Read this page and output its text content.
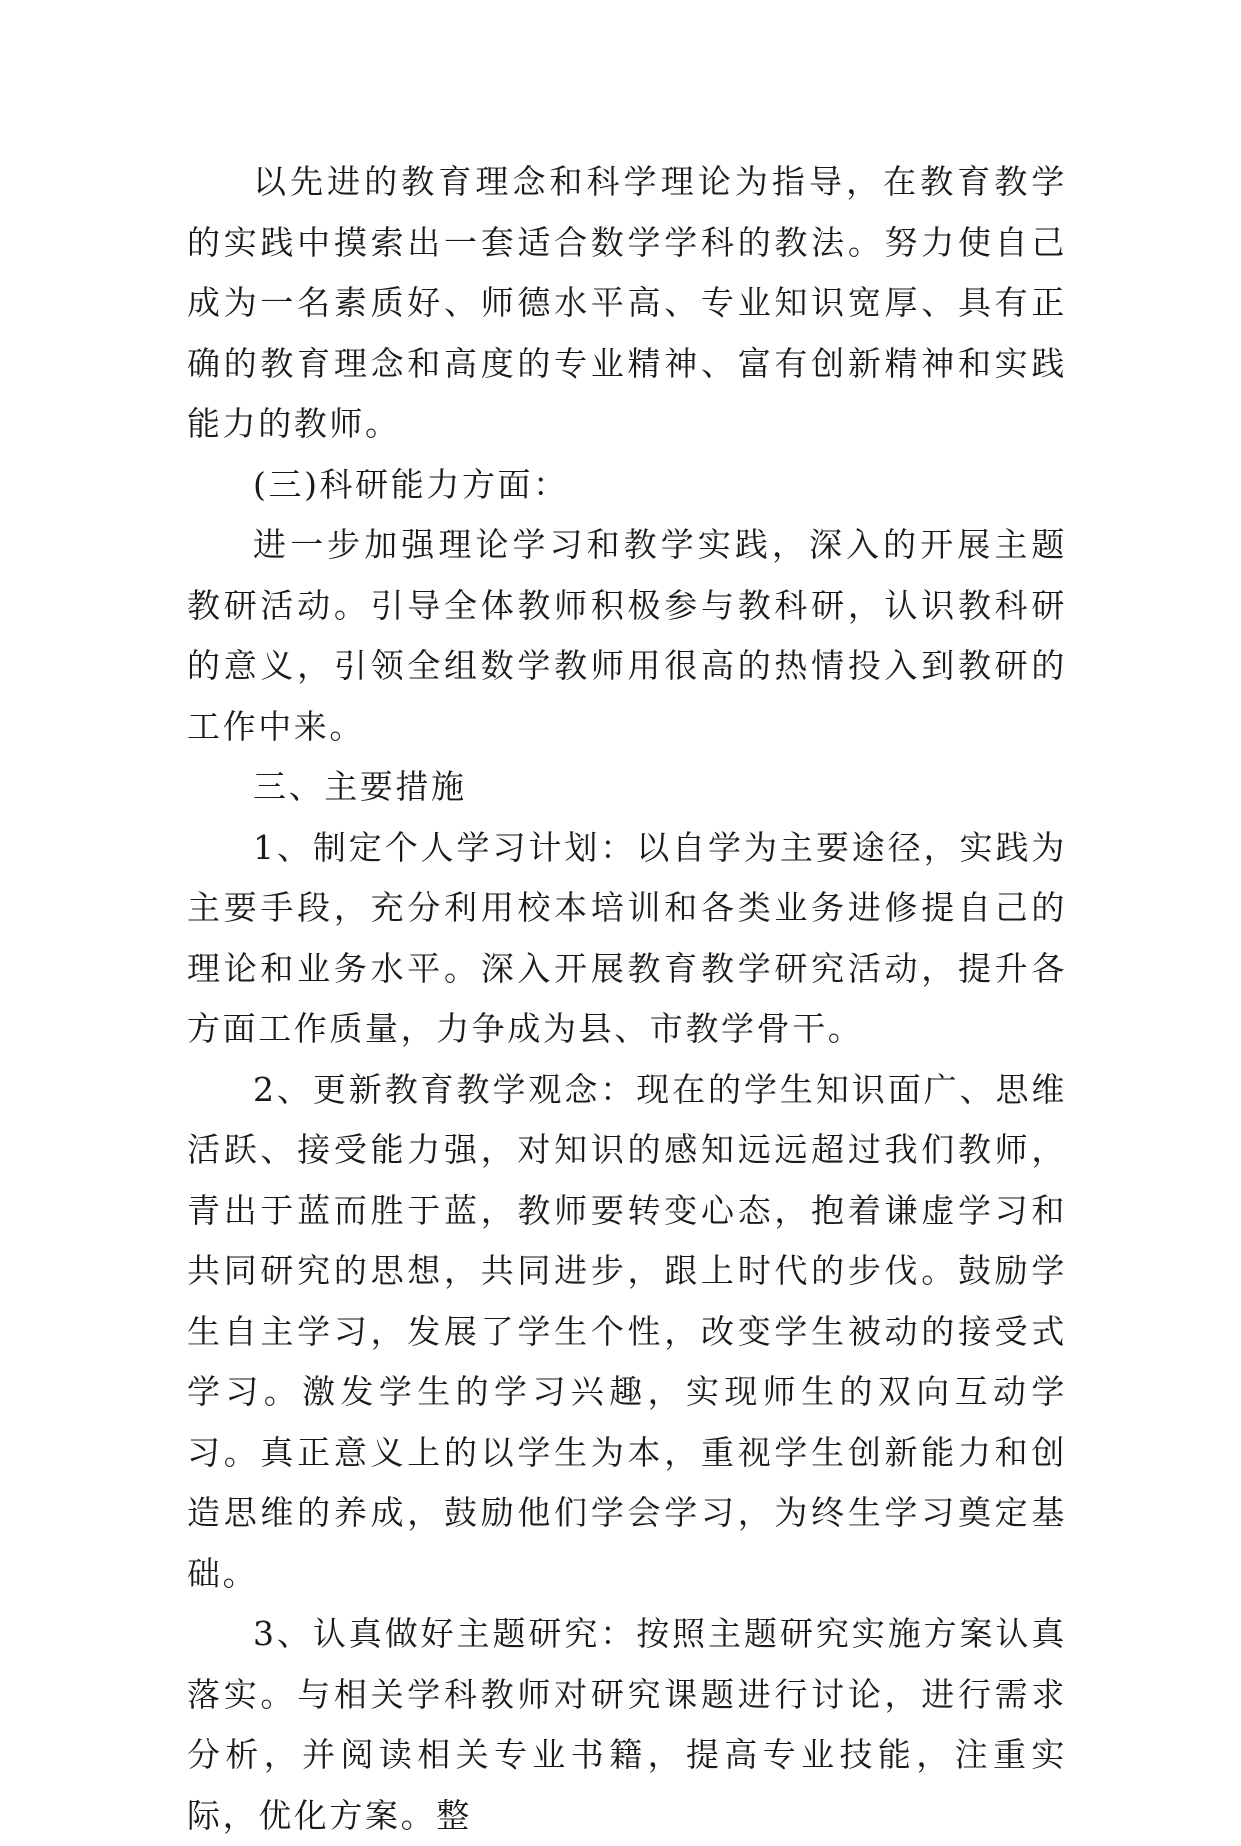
以先进的教育理念和科学理论为指导，在教育教学的实践中摸索出一套适合数学学科的教法。努力使自己成为一名素质好、师德水平高、专业知识宽厚、具有正确的教育理念和高度的专业精神、富有创新精神和实践能力的教师。

(三)科研能力方面：

进一步加强理论学习和教学实践，深入的开展主题教研活动。引导全体教师积极参与教科研，认识教科研的意义，引领全组数学教师用很高的热情投入到教研的工作中来。

三、主要措施

1、制定个人学习计划：以自学为主要途径，实践为主要手段，充分利用校本培训和各类业务进修提自己的理论和业务水平。深入开展教育教学研究活动，提升各方面工作质量，力争成为县、市教学骨干。

2、更新教育教学观念：现在的学生知识面广、思维活跃、接受能力强，对知识的感知远远超过我们教师，青出于蓝而胜于蓝，教师要转变心态，抱着谦虚学习和共同研究的思想，共同进步，跟上时代的步伐。鼓励学生自主学习，发展了学生个性，改变学生被动的接受式学习。激发学生的学习兴趣，实现师生的双向互动学习。真正意义上的以学生为本，重视学生创新能力和创造思维的养成，鼓励他们学会学习，为终生学习奠定基础。

3、认真做好主题研究：按照主题研究实施方案认真落实。与相关学科教师对研究课题进行讨论，进行需求分析，并阅读相关专业书籍，提高专业技能，注重实际，优化方案。整
